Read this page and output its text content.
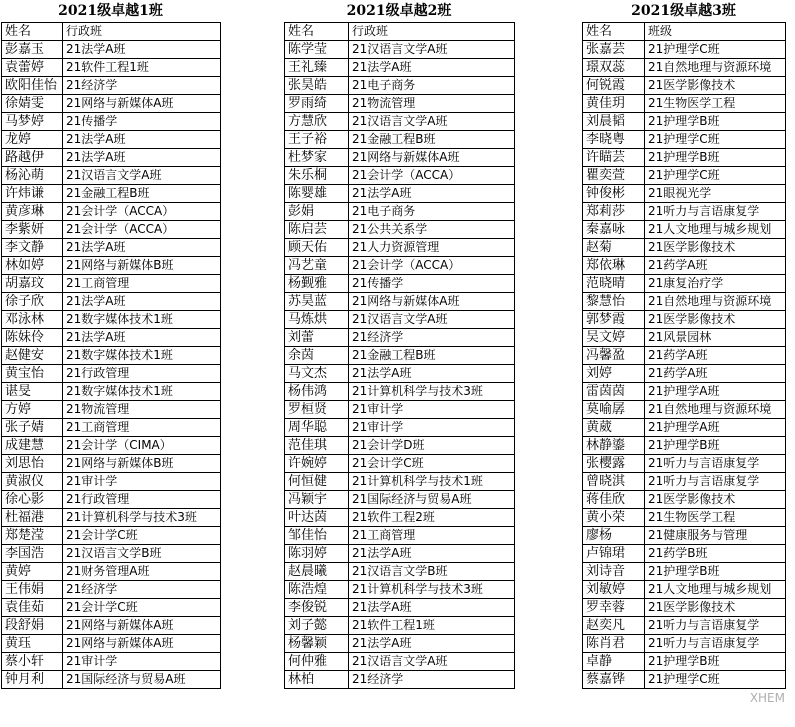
2021级卓越1班
姓名	行政班
彭嘉玉	21法学A班
袁蕾婷	21软件工程1班
欧阳佳怡	21经济学
徐婧雯	21网络与新媒体A班
马梦婷	21传播学
龙婷	21法学A班
路越伊	21法学A班
杨沁萌	21汉语言文学A班
许炜谦	21金融工程B班
黄彦琳	21会计学（ACCA）
李紫妍	21会计学（ACCA）
李文静	21法学A班
林如婷	21网络与新媒体B班
胡嘉玟	21工商管理
徐子欣	21法学A班
邓泳林	21数字媒体技术1班
陈妹伶	21法学A班
赵健安	21数字媒体技术1班
黄宝怡	21行政管理
谌旻	21数字媒体技术1班
方婷	21物流管理
张子婧	21工商管理
成建慧	21会计学（CIMA）
刘思怡	21网络与新媒体B班
黄淑仪	21审计学
徐心影	21行政管理
杜福港	21计算机科学与技术3班
郑楚滢	21会计学C班
李国浩	21汉语言文学B班
黄婷	21财务管理A班
王伟娟	21经济学
袁佳茹	21会计学C班
段舒娟	21网络与新媒体A班
黄珏	21网络与新媒体A班
蔡小轩	21审计学
钟月利	21国际经济与贸易A班
2021级卓越2班
姓名	行政班
陈学莹	21汉语言文学A班
王礼臻	21法学A班
张昊皓	21电子商务
罗雨绮	21物流管理
方慧欣	21汉语言文学A班
王子裕	21金融工程B班
杜梦家	21网络与新媒体A班
朱乐桐	21会计学（ACCA）
陈婴雄	21法学A班
彭娟	21电子商务
陈启芸	21公共关系学
顾天佑	21人力资源管理
冯艺童	21会计学（ACCA）
杨觐雅	21传播学
苏昊蓝	21网络与新媒体A班
马炼烘	21汉语言文学A班
刘蕾	21经济学
余茵	21金融工程B班
马文杰	21法学A班
杨伟鸿	21计算机科学与技术3班
罗桓贤	21审计学
周华聪	21审计学
范佳琪	21会计学D班
许婉婷	21会计学C班
何恒健	21计算机科学与技术1班
冯颖宇	21国际经济与贸易A班
叶达茵	21软件工程2班
邹佳怡	21工商管理
陈羽婷	21法学A班
赵晨曦	21汉语言文学B班
陈浩煌	21计算机科学与技术3班
李俊锐	21法学A班
刘子懿	21软件工程1班
杨馨颖	21法学A班
何仲雅	21汉语言文学A班
林柏	21经济学
2021级卓越3班
姓名	班级
张嘉芸	21护理学C班
璟双蕊	21自然地理与资源环境
何锐霞	21医学影像技术
黄佳玥	21生物医学工程
刘晨韬	21护理学B班
李晓粤	21护理学C班
许瞄芸	21护理学B班
瞿奕萱	21护理学C班
钟俊彬	21眼视光学
郑莉莎	21听力与言语康复学
秦嘉咏	21人文地理与城乡规划
赵菊	21医学影像技术
郑依琳	21药学A班
范晓晴	21康复治疗学
黎慧怡	21自然地理与资源环境
郭梦霞	21医学影像技术
吴文婷	21风景园林
冯馨盈	21药学A班
刘婷	21药学A班
雷茵茵	21护理学A班
莫喻孱	21自然地理与资源环境
黄葳	21护理学A班
林静鎏	21护理学B班
张樱露	21听力与言语康复学
曾晓淇	21听力与言语康复学
蒋佳欣	21医学影像技术
黄小荣	21生物医学工程
廖杨	21健康服务与管理
卢锦珺	21药学B班
刘诗音	21护理学B班
刘敏婷	21人文地理与城乡规划
罗幸蓉	21医学影像技术
赵奕凡	21听力与言语康复学
陈肖君	21听力与言语康复学
卓静	21护理学B班
蔡嘉铧	21护理学C班
XHEM
